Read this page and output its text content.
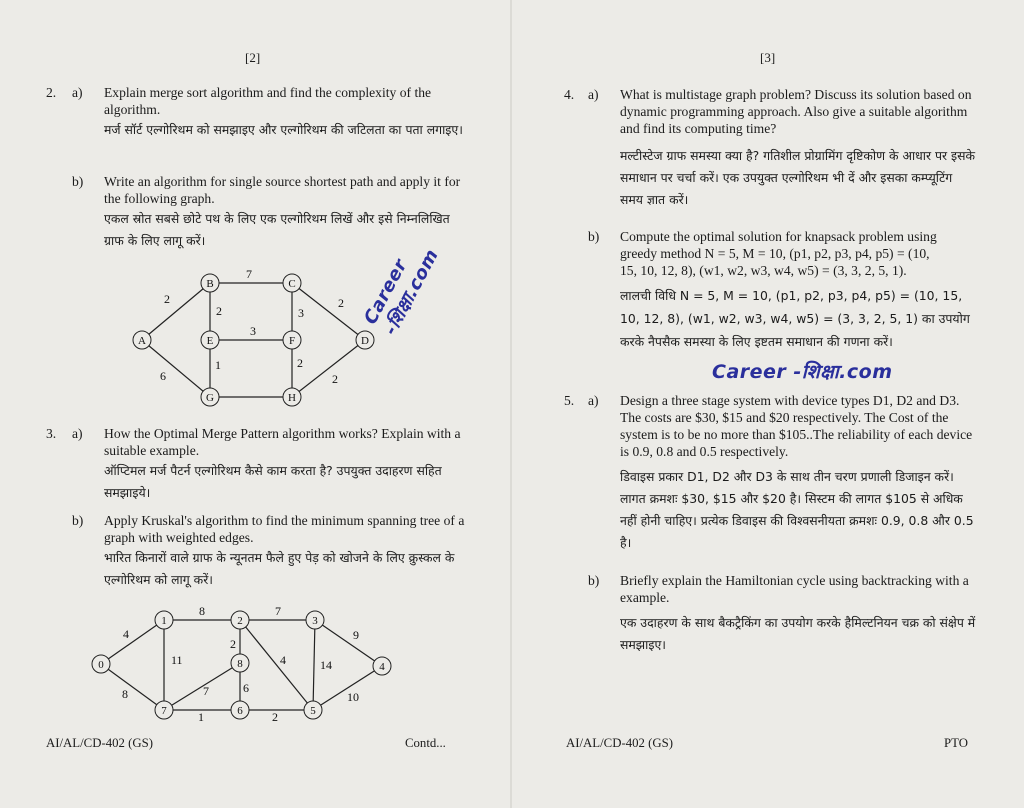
[2]
2. a) Explain merge sort algorithm and find the complexity of the algorithm.
मर्ज सॉर्ट एल्गोरिथम को समझाइए और एल्गोरिथम की जटिलता का पता लगाइए।
b) Write an algorithm for single source shortest path and apply it for the following graph.
एकल स्रोत सबसे छोटे पथ के लिए एक एल्गोरिथम लिखें और इसे निम्नलिखित ग्राफ के लिए लागू करें।
7
2
2
3
3
2
6
1	2
2
A
B	C
D
E	F
G	H
Career -शिक्षा.com
3. a) How the Optimal Merge Pattern algorithm works? Explain with a suitable example.
ऑप्टिमल मर्ज पैटर्न एल्गोरिथम कैसे काम करता है? उपयुक्त उदाहरण सहित समझाइये।
b) Apply Kruskal's algorithm to find the minimum spanning tree of a graph with weighted edges.
भारित किनारों वाले ग्राफ के न्यूनतम फैले हुए पेड़ को खोजने के लिए क्रुस्कल के एल्गोरिथम को लागू करें।
8	7
4	9
2
11	4	14
7	6
10
1	2
8
0
1	2	3
4
5
6
7
8
AI/AL/CD-402 (GS)	Contd...
[3]
4. a) What is multistage graph problem? Discuss its solution based on dynamic programming approach. Also give a suitable algorithm and find its computing time?
मल्टीस्टेज ग्राफ समस्या क्या है? गतिशील प्रोग्रामिंग दृष्टिकोण के आधार पर इसके समाधान पर चर्चा करें। एक उपयुक्त एल्गोरिथम भी दें और इसका कम्प्यूटिंग समय ज्ञात करें।
b) Compute the optimal solution for knapsack problem using greedy method N = 5, M = 10, (p1, p2, p3, p4, p5) = (10,
15, 10, 12, 8), (w1, w2, w3, w4, w5) = (3, 3, 2, 5, 1).
लालची विधि N = 5, M = 10, (p1, p2, p3, p4, p5) = (10, 15,
10, 12, 8), (w1, w2, w3, w4, w5) = (3, 3, 2, 5, 1) का उपयोग
करके नैपसैक समस्या के लिए इष्टतम समाधान की गणना करें।
Career -शिक्षा.com
5. a) Design a three stage system with device types D1, D2 and D3. The costs are $30, $15 and $20 respectively. The Cost of the system is to be no more than $105..The reliability of each device is 0.9, 0.8 and 0.5 respectively.
डिवाइस प्रकार D1, D2 और D3 के साथ तीन चरण प्रणाली डिजाइन करें। लागत क्रमशः $30, $15 और $20 है। सिस्टम की लागत $105 से अधिक नहीं होनी चाहिए। प्रत्येक डिवाइस की विश्वसनीयता क्रमशः 0.9, 0.8 और 0.5 है।
b) Briefly explain the Hamiltonian cycle using backtracking with a example.
एक उदाहरण के साथ बैकट्रैकिंग का उपयोग करके हैमिल्टनियन चक्र को संक्षेप में समझाइए।
AI/AL/CD-402 (GS)	PTO
